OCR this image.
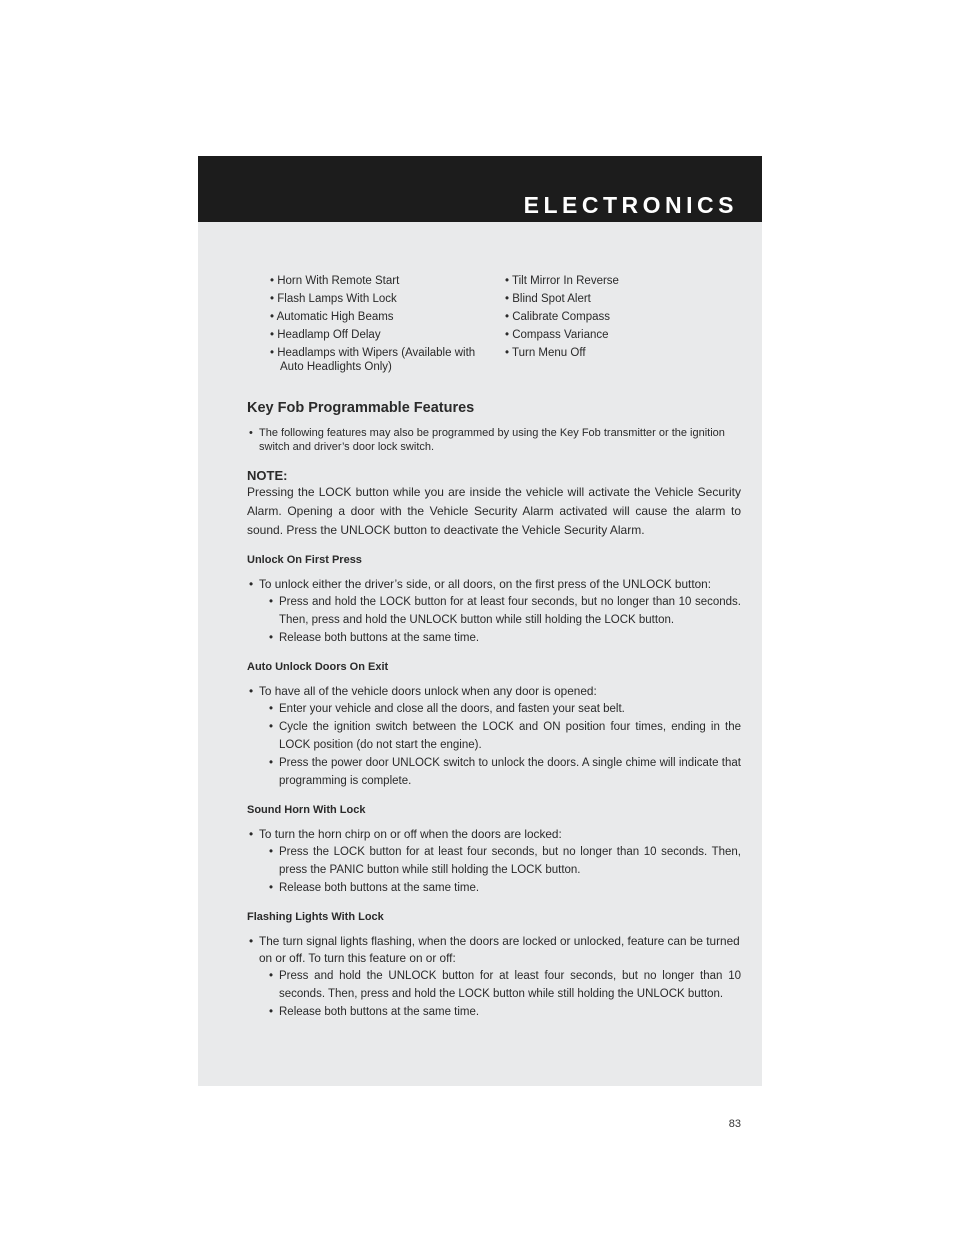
ELECTRONICS
• Horn With Remote Start	• Tilt Mirror In Reverse
• Flash Lamps With Lock	• Blind Spot Alert
• Automatic High Beams	• Calibrate Compass
• Headlamp Off Delay	• Compass Variance
• Headlamps with Wipers (Available with
Auto Headlights Only)
• Turn Menu Off
Key Fob Programmable Features
• The following features may also be programmed by using the Key Fob transmitter or the ignition
switch and driver’s door lock switch.
NOTE:
Pressing the LOCK button while you are inside the vehicle will activate the Vehicle Security Alarm. Opening a door with the Vehicle Security Alarm activated will cause the alarm to sound. Press the UNLOCK button to deactivate the Vehicle Security Alarm.
Unlock On First Press
• To unlock either the driver’s side, or all doors, on the first press of the UNLOCK button:
• Press and hold the LOCK button for at least four seconds, but no longer than 10 seconds. Then, press and hold the UNLOCK button while still holding the LOCK button.
• Release both buttons at the same time.
Auto Unlock Doors On Exit
• To have all of the vehicle doors unlock when any door is opened:
• Enter your vehicle and close all the doors, and fasten your seat belt.
• Cycle the ignition switch between the LOCK and ON position four times, ending in the LOCK position (do not start the engine).
• Press the power door UNLOCK switch to unlock the doors. A single chime will indicate that programming is complete.
Sound Horn With Lock
• To turn the horn chirp on or off when the doors are locked:
• Press the LOCK button for at least four seconds, but no longer than 10 seconds. Then, press the PANIC button while still holding the LOCK button.
• Release both buttons at the same time.
Flashing Lights With Lock
• The turn signal lights flashing, when the doors are locked or unlocked, feature can be turned
on or off. To turn this feature on or off:
• Press and hold the UNLOCK button for at least four seconds, but no longer than 10 seconds. Then, press and hold the LOCK button while still holding the UNLOCK button.
• Release both buttons at the same time.
83
